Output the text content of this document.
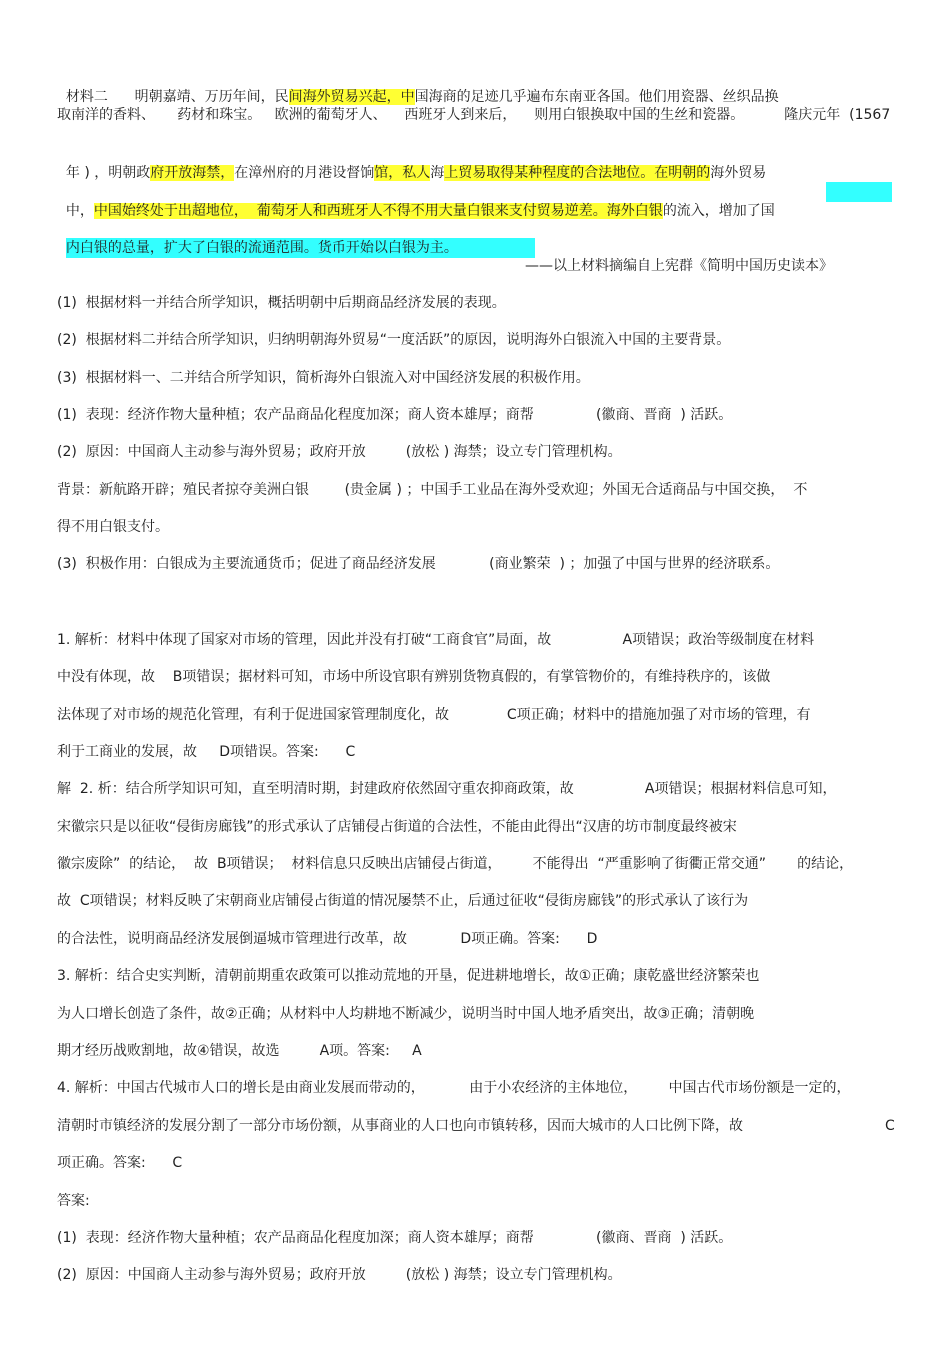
材料二      明朝嘉靖、万历年间，民间海外贸易兴起，中国海商的足迹几乎遍布东南亚各国。他们用瓷器、丝织品换

取南洋的香料、     药材和珠宝。   欧洲的葡萄牙人、    西班牙人到来后，    则用白银换取中国的生丝和瓷器。         隆庆元年  (1567

年 ) ，明朝政府开放海禁，在漳州府的月港设督饷馆，私人海上贸易取得某种程度的合法地位。在明朝的海外贸易

中，中国始终处于出超地位，  葡萄牙人和西班牙人不得不用大量白银来支付贸易逆差。海外白银的流入，增加了国

内白银的总量，扩大了白银的流通范围。货币开始以白银为主。

——以上材料摘编自上宪群《简明中国历史读本》
(1)  根据材料一并结合所学知识，概括明朝中后期商品经济发展的表现。
(2)  根据材料二并结合所学知识，归纳明朝海外贸易“一度活跃”的原因，说明海外白银流入中国的主要背景。
(3)  根据材料一、二并结合所学知识，简析海外白银流入对中国经济发展的积极作用。
(1)  表现：经济作物大量种植；农产品商品化程度加深；商人资本雄厚；商帮              (徽商、晋商  ) 活跃。
(2)  原因：中国商人主动参与海外贸易；政府开放         (放松 ) 海禁；设立专门管理机构。
背景：新航路开辟；殖民者掠夺美洲白银        (贵金属 ) ；中国手工业品在海外受欢迎；外国无合适商品与中国交换，  不
得不用白银支付。
(3)  积极作用：白银成为主要流通货币；促进了商品经济发展            (商业繁荣  ) ；加强了中国与世界的经济联系。
1. 解析：材料中体现了国家对市场的管理，因此并没有打破“工商食官”局面，故                A项错误；政治等级制度在材料
中没有体现，故    B项错误；据材料可知，市场中所设官职有辨别货物真假的，有掌管物价的，有维持秩序的，该做
法体现了对市场的规范化管理，有利于促进国家管理制度化，故             C项正确；材料中的措施加强了对市场的管理，有
利于工商业的发展，故     D项错误。答案:      C
解  2. 析：结合所学知识可知，直至明清时期，封建政府依然固守重农抑商政策，故                A项错误；根据材料信息可知，
宋徽宗只是以征收“侵街房廊钱”的形式承认了店铺侵占街道的合法性，不能由此得出“汉唐的坊市制度最终被宋
徽宗废除”  的结论，  故  B项错误；  材料信息只反映出店铺侵占街道，       不能得出  “严重影响了街衢正常交通”       的结论，
故  C项错误；材料反映了宋朝商业店铺侵占街道的情况屡禁不止，后通过征收“侵街房廊钱”的形式承认了该行为
的合法性，说明商品经济发展倒逼城市管理进行改革，故            D项正确。答案:      D
3. 解析：结合史实判断，清朝前期重农政策可以推动荒地的开垦，促进耕地增长，故①正确；康乾盛世经济繁荣也
为人口增长创造了条件，故②正确；从材料中人均耕地不断减少，说明当时中国人地矛盾突出，故③正确；清朝晚
期才经历战败割地，故④错误，故选         A项。答案:     A
4. 解析：中国古代城市人口的增长是由商业发展而带动的，          由于小农经济的主体地位，       中国古代市场份额是一定的，
清朝时市镇经济的发展分割了一部分市场份额，从事商业的人口也向市镇转移，因而大城市的人口比例下降，故	C
项正确。答案:      C
答案:
(1)  表现：经济作物大量种植；农产品商品化程度加深；商人资本雄厚；商帮              (徽商、晋商  ) 活跃。
(2)  原因：中国商人主动参与海外贸易；政府开放         (放松 ) 海禁；设立专门管理机构。
